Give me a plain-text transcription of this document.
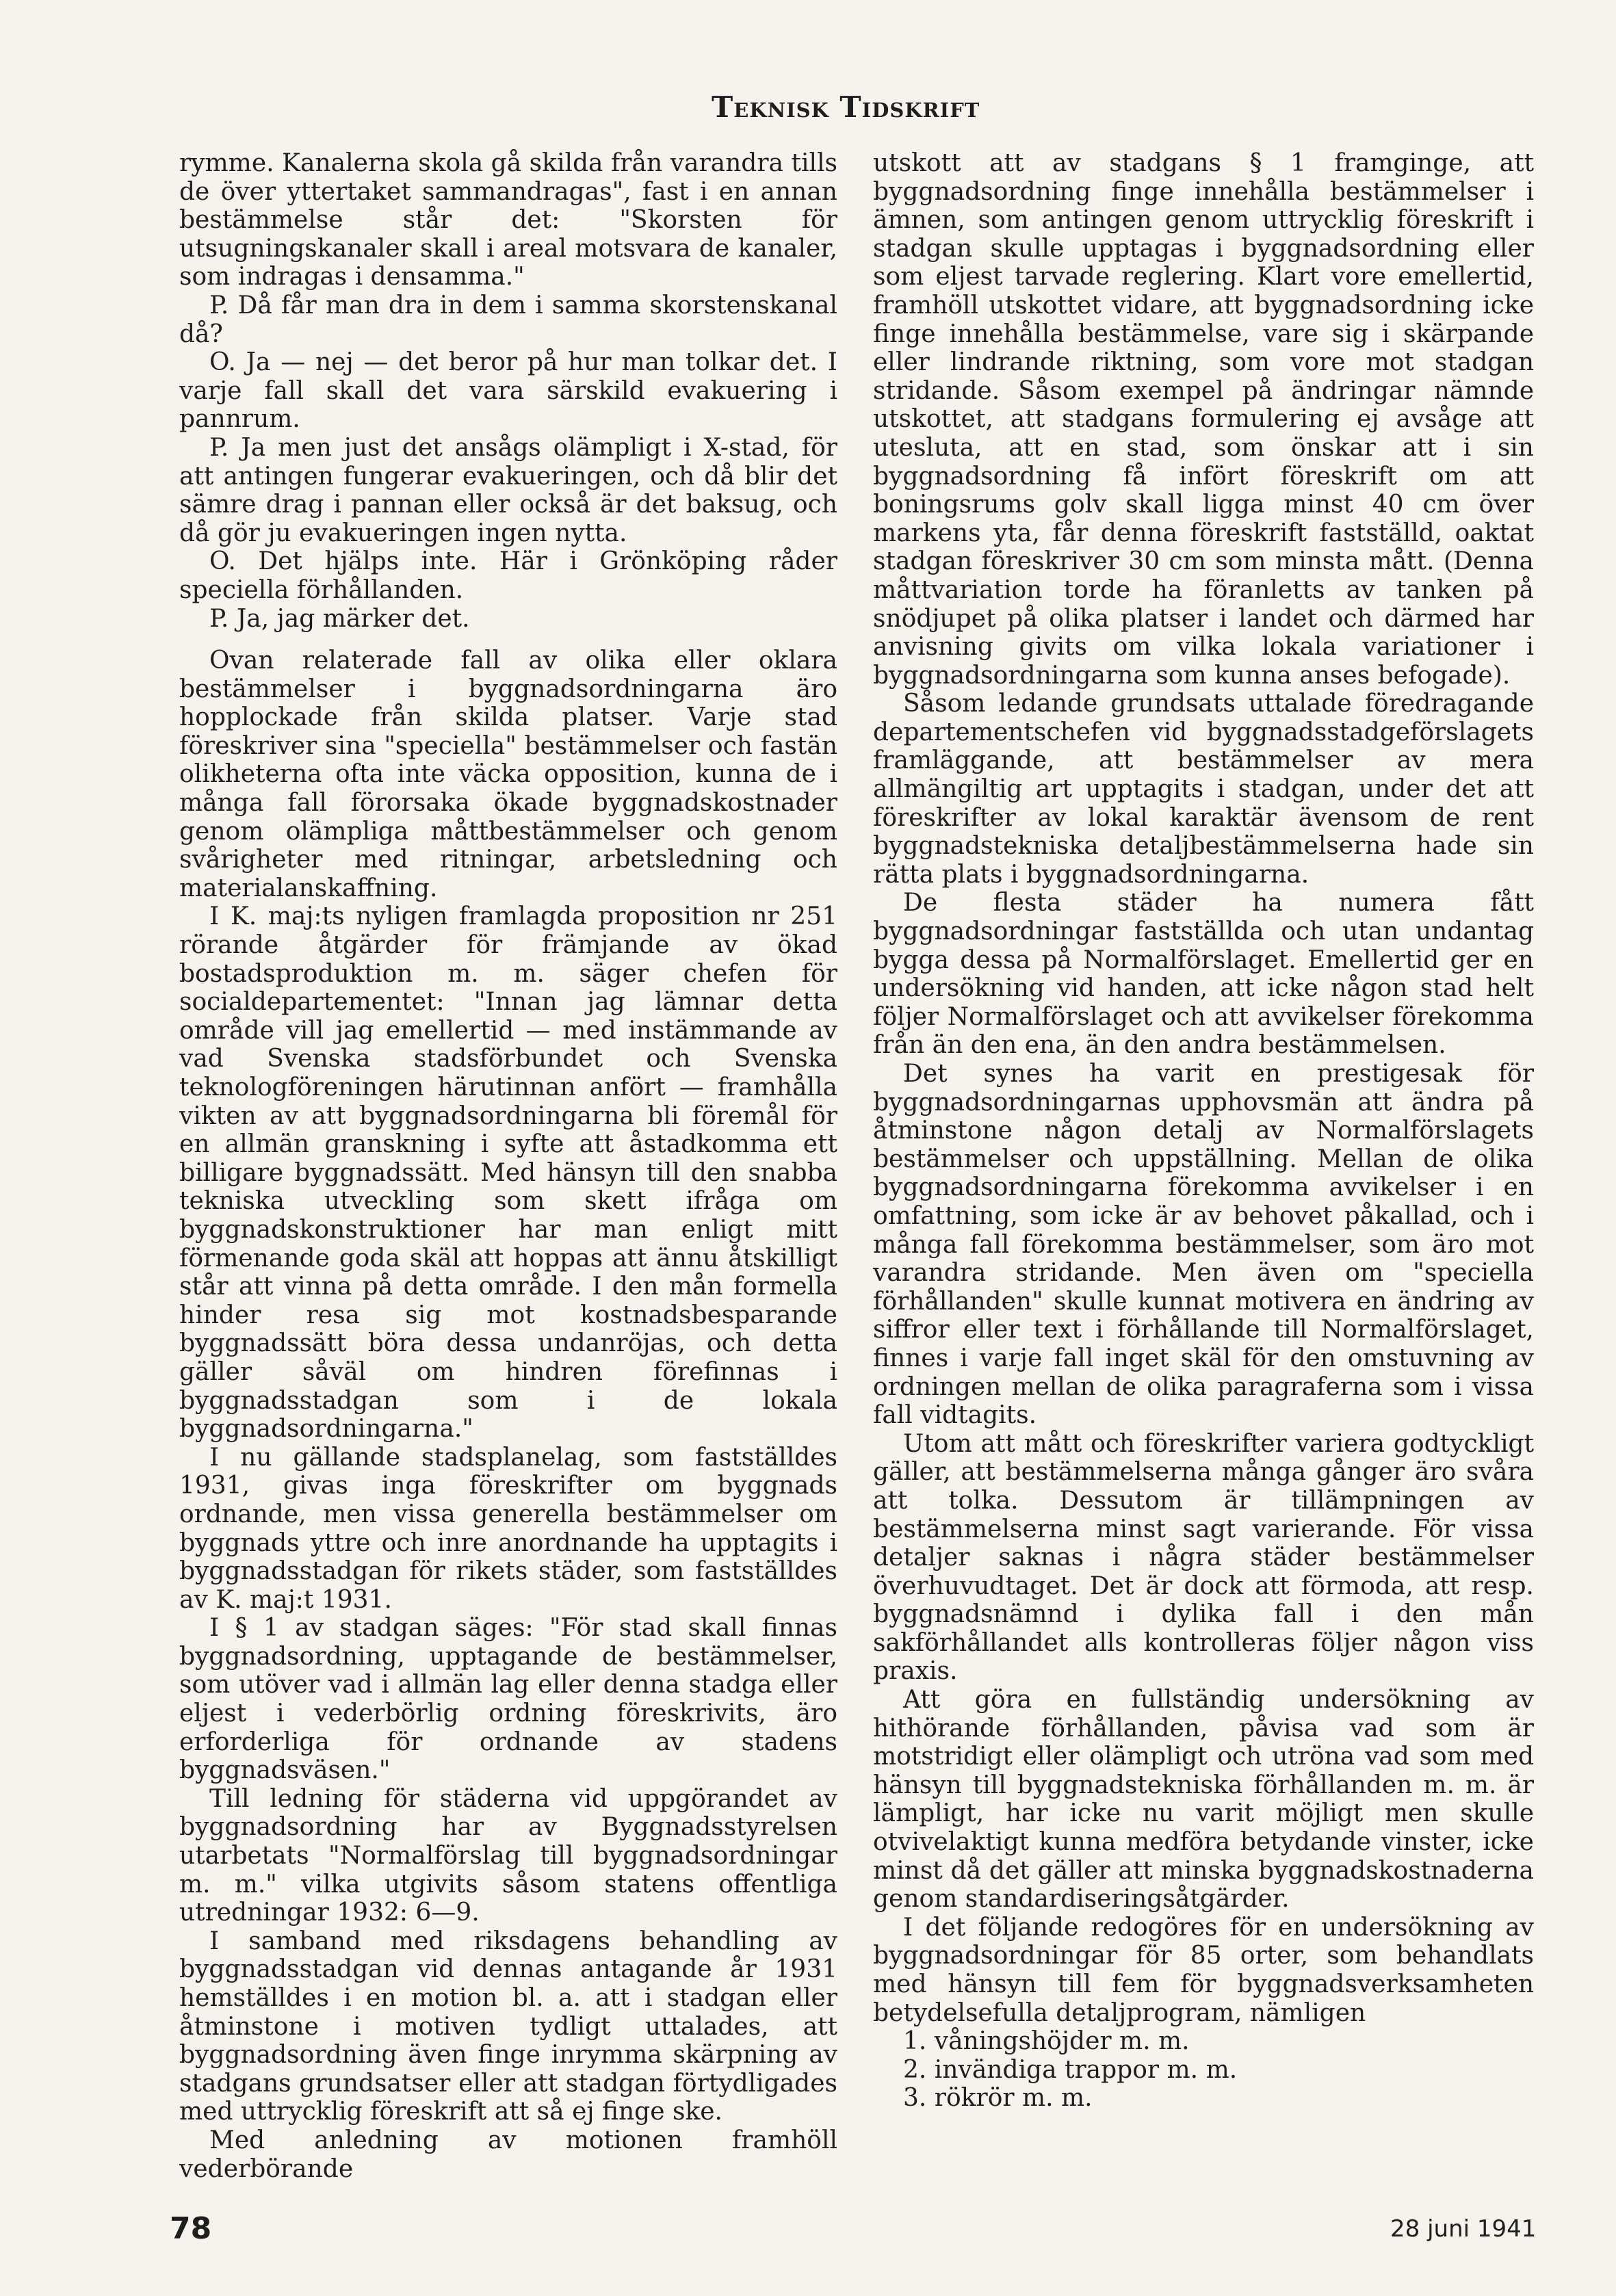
Teknisk Tidskrift

rymme. Kanalerna skola gå skilda från varandra tills de över yttertaket sammandragas", fast i en annan bestämmelse står det: "Skorsten för utsugningskanaler skall i areal motsvara de kanaler, som indragas i densamma."

P. Då får man dra in dem i samma skorstenskanal då?

O. Ja — nej — det beror på hur man tolkar det. I varje fall skall det vara särskild evakuering i pannrum.

P. Ja men just det ansågs olämpligt i X-stad, för att antingen fungerar evakueringen, och då blir det sämre drag i pannan eller också är det baksug, och då gör ju evakueringen ingen nytta.

O. Det hjälps inte. Här i Grönköping råder speciella förhållanden.

P. Ja, jag märker det.

Ovan relaterade fall av olika eller oklara bestämmelser i byggnadsordningarna äro hopplockade från skilda platser. Varje stad föreskriver sina "speciella" bestämmelser och fastän olikheterna ofta inte väcka opposition, kunna de i många fall förorsaka ökade byggnadskostnader genom olämpliga måttbestämmelser och genom svårigheter med ritningar, arbetsledning och materialanskaffning.

I K. maj:ts nyligen framlagda proposition nr 251 rörande åtgärder för främjande av ökad bostadsproduktion m. m. säger chefen för socialdepartementet: "Innan jag lämnar detta område vill jag emellertid — med instämmande av vad Svenska stadsförbundet och Svenska teknologföreningen härutinnan anfört — framhålla vikten av att byggnadsordningarna bli föremål för en allmän granskning i syfte att åstadkomma ett billigare byggnadssätt. Med hänsyn till den snabba tekniska utveckling som skett ifråga om byggnadskonstruktioner har man enligt mitt förmenande goda skäl att hoppas att ännu åtskilligt står att vinna på detta område. I den mån formella hinder resa sig mot kostnadsbesparande byggnadssätt böra dessa undanröjas, och detta gäller såväl om hindren förefinnas i byggnadsstadgan som i de lokala byggnadsordningarna."

I nu gällande stadsplanelag, som fastställdes 1931, givas inga föreskrifter om byggnads ordnande, men vissa generella bestämmelser om byggnads yttre och inre anordnande ha upptagits i byggnadsstadgan för rikets städer, som fastställdes av K. maj:t 1931.

I § 1 av stadgan säges: "För stad skall finnas byggnadsordning, upptagande de bestämmelser, som utöver vad i allmän lag eller denna stadga eller eljest i vederbörlig ordning föreskrivits, äro erforderliga för ordnande av stadens byggnadsväsen."

Till ledning för städerna vid uppgörandet av byggnadsordning har av Byggnadsstyrelsen utarbetats "Normalförslag till byggnadsordningar m. m." vilka utgivits såsom statens offentliga utredningar 1932: 6—9.

I samband med riksdagens behandling av byggnadsstadgan vid dennas antagande år 1931 hemställdes i en motion bl. a. att i stadgan eller åtminstone i motiven tydligt uttalades, att byggnadsordning även finge inrymma skärpning av stadgans grundsatser eller att stadgan förtydligades med uttrycklig föreskrift att så ej finge ske.

Med anledning av motionen framhöll vederbörande

utskott att av stadgans § 1 framginge, att byggnadsordning finge innehålla bestämmelser i ämnen, som antingen genom uttrycklig föreskrift i stadgan skulle upptagas i byggnadsordning eller som eljest tarvade reglering. Klart vore emellertid, framhöll utskottet vidare, att byggnadsordning icke finge innehålla bestämmelse, vare sig i skärpande eller lindrande riktning, som vore mot stadgan stridande. Såsom exempel på ändringar nämnde utskottet, att stadgans formulering ej avsåge att utesluta, att en stad, som önskar att i sin byggnadsordning få infört föreskrift om att boningsrums golv skall ligga minst 40 cm över markens yta, får denna föreskrift fastställd, oaktat stadgan föreskriver 30 cm som minsta mått. (Denna måttvariation torde ha föranletts av tanken på snödjupet på olika platser i landet och därmed har anvisning givits om vilka lokala variationer i byggnadsordningarna som kunna anses befogade).

Såsom ledande grundsats uttalade föredragande departementschefen vid byggnadsstadgeförslagets framläggande, att bestämmelser av mera allmängiltig art upptagits i stadgan, under det att föreskrifter av lokal karaktär ävensom de rent byggnadstekniska detaljbestämmelserna hade sin rätta plats i byggnadsordningarna.

De flesta städer ha numera fått byggnadsordningar fastställda och utan undantag bygga dessa på Normalförslaget. Emellertid ger en undersökning vid handen, att icke någon stad helt följer Normalförslaget och att avvikelser förekomma från än den ena, än den andra bestämmelsen.

Det synes ha varit en prestigesak för byggnadsordningarnas upphovsmän att ändra på åtminstone någon detalj av Normalförslagets bestämmelser och uppställning. Mellan de olika byggnadsordningarna förekomma avvikelser i en omfattning, som icke är av behovet påkallad, och i många fall förekomma bestämmelser, som äro mot varandra stridande. Men även om "speciella förhållanden" skulle kunnat motivera en ändring av siffror eller text i förhållande till Normalförslaget, finnes i varje fall inget skäl för den omstuvning av ordningen mellan de olika paragraferna som i vissa fall vidtagits.

Utom att mått och föreskrifter variera godtyckligt gäller, att bestämmelserna många gånger äro svåra att tolka. Dessutom är tillämpningen av bestämmelserna minst sagt varierande. För vissa detaljer saknas i några städer bestämmelser överhuvudtaget. Det är dock att förmoda, att resp. byggnadsnämnd i dylika fall i den mån sakförhållandet alls kontrolleras följer någon viss praxis.

Att göra en fullständig undersökning av hithörande förhållanden, påvisa vad som är motstridigt eller olämpligt och utröna vad som med hänsyn till byggnadstekniska förhållanden m. m. är lämpligt, har icke nu varit möjligt men skulle otvivelaktigt kunna medföra betydande vinster, icke minst då det gäller att minska byggnadskostnaderna genom standardiseringsåtgärder.

I det följande redogöres för en undersökning av byggnadsordningar för 85 orter, som behandlats med hänsyn till fem för byggnadsverksamheten betydelsefulla detaljprogram, nämligen

1. våningshöjder m. m.
2. invändiga trappor m. m.
3. rökrör m. m.
78	28 juni 1941
